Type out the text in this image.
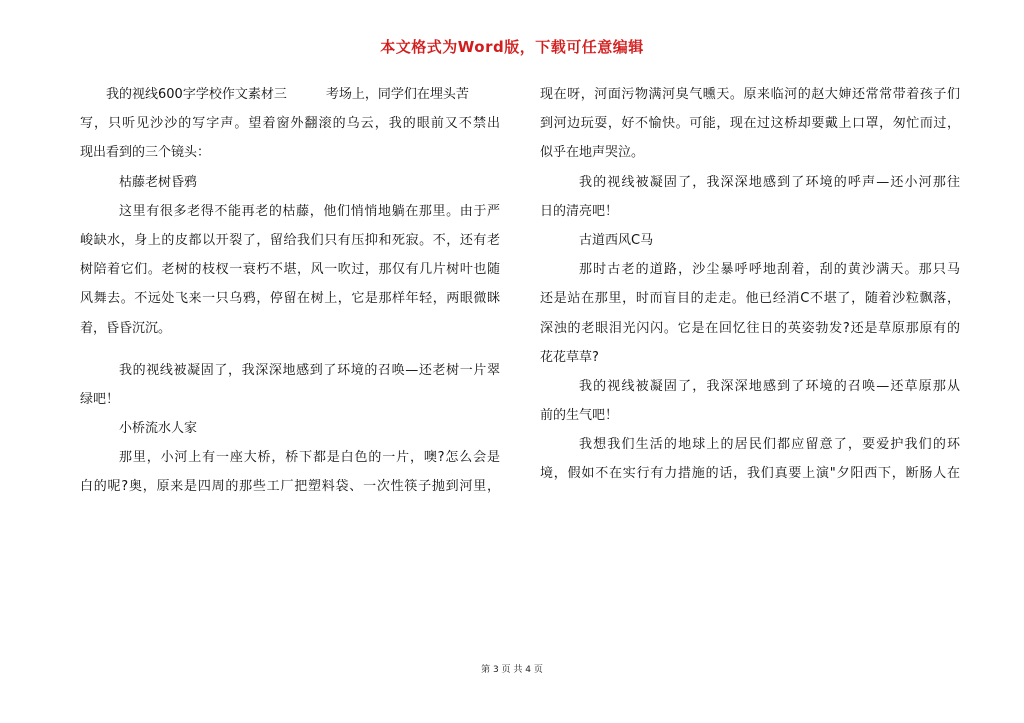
本文格式为Word版，下载可任意编辑
我的视线600字学校作文素材三　　　考场上，同学们在埋头苦
写，只听见沙沙的写字声。望着窗外翻滚的乌云，我的眼前又不禁出
现出看到的三个镜头：
枯藤老树昏鸦
这里有很多老得不能再老的枯藤，他们悄悄地躺在那里。由于严
峻缺水，身上的皮都以开裂了，留给我们只有压抑和死寂。不，还有老
树陪着它们。老树的枝杈一衰朽不堪，风一吹过，那仅有几片树叶也随
风舞去。不远处飞来一只乌鸦，停留在树上，它是那样年轻，两眼微眯
着，昏昏沉沉。
我的视线被凝固了，我深深地感到了环境的召唤—还老树一片翠
绿吧！
小桥流水人家
那里，小河上有一座大桥，桥下都是白色的一片，噢?怎么会是
白的呢?奥，原来是四周的那些工厂把塑料袋、一次性筷子抛到河里，
现在呀，河面污物满河臭气曛天。原来临河的赵大婶还常常带着孩子们
到河边玩耍，好不愉快。可能，现在过这桥却要戴上口罩，匆忙而过，
似乎在地声哭泣。
我的视线被凝固了，我深深地感到了环境的呼声—还小河那往
日的清亮吧！
古道西风C马
那时古老的道路，沙尘暴呼呼地刮着，刮的黄沙满天。那只马
还是站在那里，时而盲目的走走。他已经消C不堪了，随着沙粒飘落，
深浊的老眼泪光闪闪。它是在回忆往日的英姿勃发?还是草原那原有的
花花草草?
我的视线被凝固了，我深深地感到了环境的召唤—还草原那从
前的生气吧！
我想我们生活的地球上的居民们都应留意了，要爱护我们的环
境，假如不在实行有力措施的话，我们真要上演"夕阳西下，断肠人在
第 3 页 共 4 页
